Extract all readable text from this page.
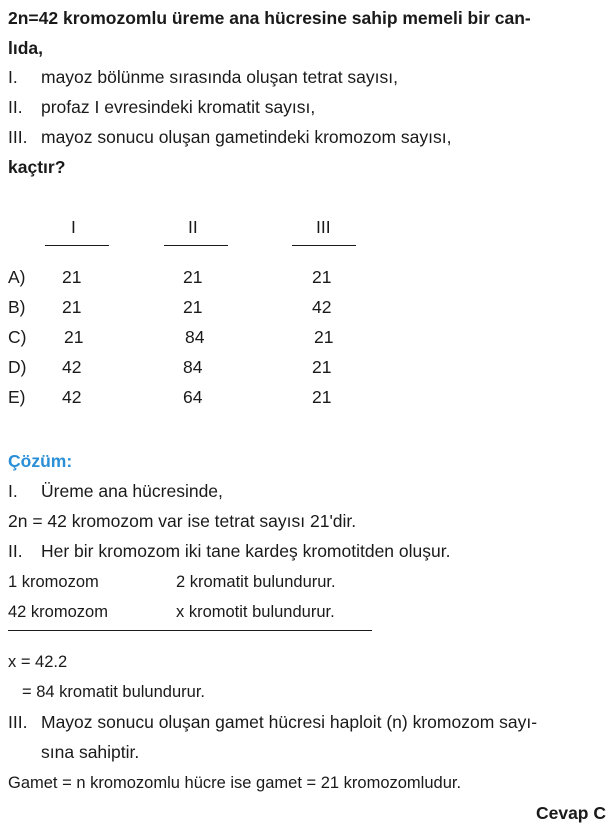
2n=42 kromozomlu üreme ana hücresine sahip memeli bir can-
lıda,
I. mayoz bölünme sırasında oluşan tetrat sayısı,
II. profaz I evresindeki kromatit sayısı,
III. mayoz sonucu oluşan gametindeki kromozom sayısı,
kaçtır?
I	II	III
A) 21	21	21
B) 21	21	42
C) 21	84	21
D) 42	84	21
E) 42	64	21
Çözüm:
I. Üreme ana hücresinde,
2n = 42 kromozom var ise tetrat sayısı 21'dir.
II. Her bir kromozom iki tane kardeş kromotitden oluşur.
1 kromozom	2 kromatit bulundurur.
42 kromozom	x kromotit bulundurur.
x = 42.2
= 84 kromatit bulundurur.
III. Mayoz sonucu oluşan gamet hücresi haploit (n) kromozom sayı-
sına sahiptir.
Gamet = n kromozomlu hücre ise gamet = 21 kromozomludur.
Cevap C
